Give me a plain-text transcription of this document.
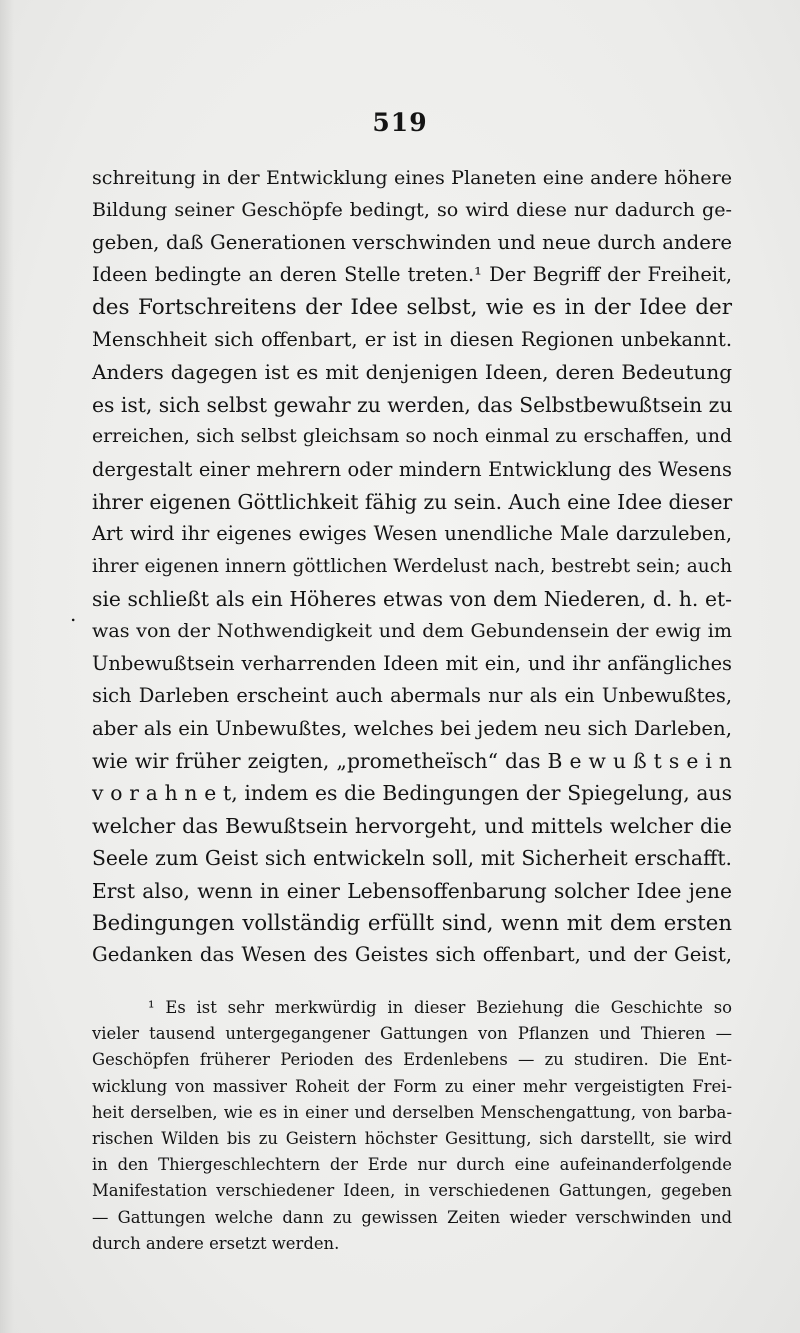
519
.
schreitung in der Entwicklung eines Planeten eine andere höhere
Bildung seiner Geschöpfe bedingt, so wird diese nur dadurch ge-
geben, daß Generationen verschwinden und neue durch andere
Ideen bedingte an deren Stelle treten.¹ Der Begriff der Freiheit,
des Fortschreitens der Idee selbst, wie es in der Idee der
Menschheit sich offenbart, er ist in diesen Regionen unbekannt.
Anders dagegen ist es mit denjenigen Ideen, deren Bedeutung
es ist, sich selbst gewahr zu werden, das Selbstbewußtsein zu
erreichen, sich selbst gleichsam so noch einmal zu erschaffen, und
dergestalt einer mehrern oder mindern Entwicklung des Wesens
ihrer eigenen Göttlichkeit fähig zu sein. Auch eine Idee dieser
Art wird ihr eigenes ewiges Wesen unendliche Male darzuleben,
ihrer eigenen innern göttlichen Werdelust nach, bestrebt sein; auch
sie schließt als ein Höheres etwas von dem Niederen, d. h. et-
was von der Nothwendigkeit und dem Gebundensein der ewig im
Unbewußtsein verharrenden Ideen mit ein, und ihr anfängliches
sich Darleben erscheint auch abermals nur als ein Unbewußtes,
aber als ein Unbewußtes, welches bei jedem neu sich Darleben,
wie wir früher zeigten, „prometheïsch“ das B e w u ß t s e i n
v o r a h n e t, indem es die Bedingungen der Spiegelung, aus
welcher das Bewußtsein hervorgeht, und mittels welcher die
Seele zum Geist sich entwickeln soll, mit Sicherheit erschafft.
Erst also, wenn in einer Lebensoffenbarung solcher Idee jene
Bedingungen vollständig erfüllt sind, wenn mit dem ersten
Gedanken das Wesen des Geistes sich offenbart, und der Geist,
¹ Es ist sehr merkwürdig in dieser Beziehung die Geschichte so
vieler tausend untergegangener Gattungen von Pflanzen und Thieren —
Geschöpfen früherer Perioden des Erdenlebens — zu studiren. Die Ent-
wicklung von massiver Roheit der Form zu einer mehr vergeistigten Frei-
heit derselben, wie es in einer und derselben Menschengattung, von barba-
rischen Wilden bis zu Geistern höchster Gesittung, sich darstellt, sie wird
in den Thiergeschlechtern der Erde nur durch eine aufeinanderfolgende
Manifestation verschiedener Ideen, in verschiedenen Gattungen, gegeben
— Gattungen welche dann zu gewissen Zeiten wieder verschwinden und
durch andere ersetzt werden.
